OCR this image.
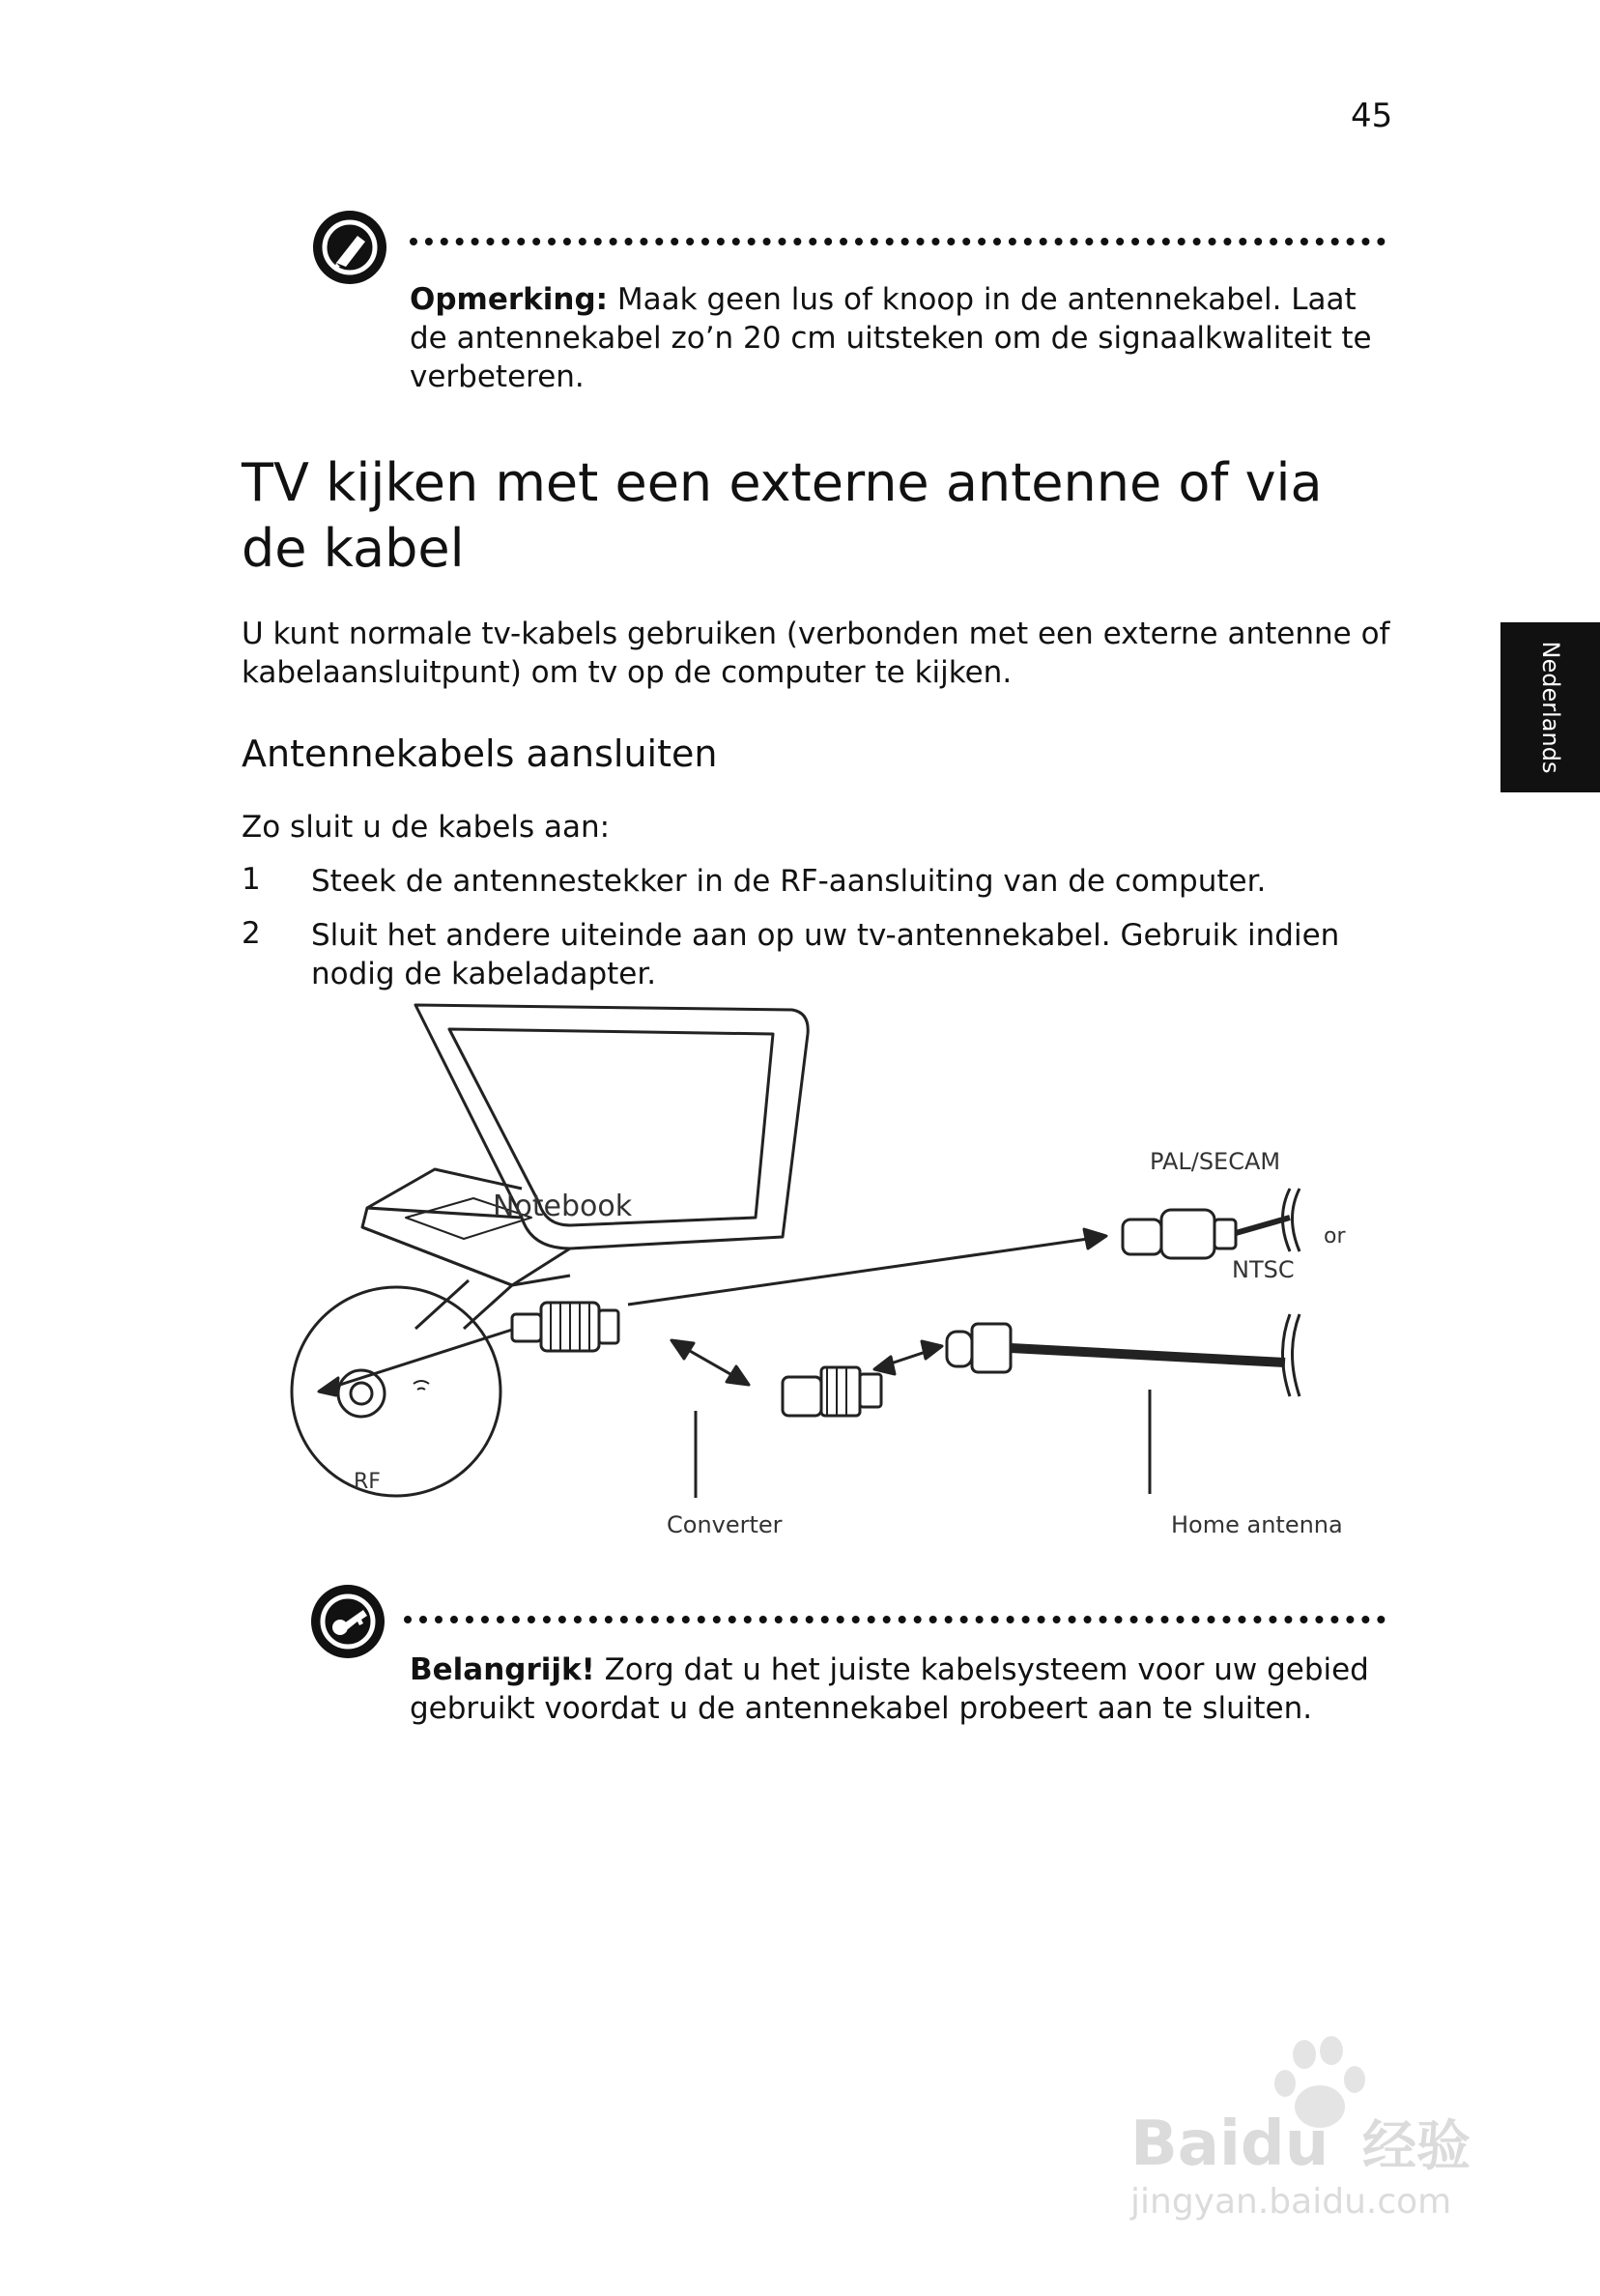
45
Opmerking: Maak geen lus of knoop in de antennekabel. Laat de antennekabel zo’n 20 cm uitsteken om de signaalkwaliteit te verbeteren.
TV kijken met een externe antenne of via de kabel
U kunt normale tv-kabels gebruiken (verbonden met een externe antenne of kabelaansluitpunt) om tv op de computer te kijken.
Antennekabels aansluiten
Zo sluit u de kabels aan:
1 Steek de antennestekker in de RF-aansluiting van de computer.
2 Sluit het andere uiteinde aan op uw tv-antennekabel. Gebruik indien nodig de kabeladapter.
Nederlands
Notebook
PAL/SECAM
or
NTSC
RF
Converter	Home antenna
Belangrijk! Zorg dat u het juiste kabelsysteem voor uw gebied gebruikt voordat u de antennekabel probeert aan te sluiten.
Baidu 经验
jingyan.baidu.com
